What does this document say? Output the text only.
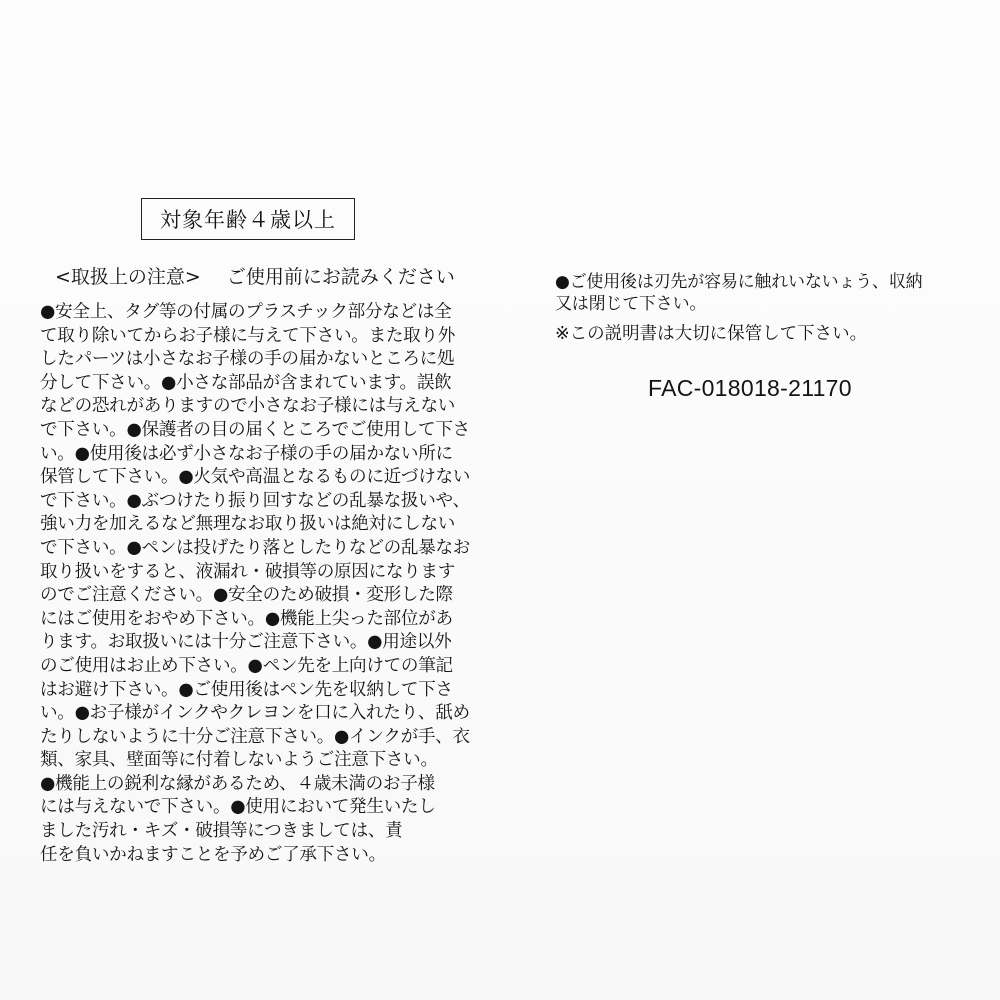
対象年齢４歳以上
<取扱上の注意> ご使用前にお読みください
●安全上、タグ等の付属のプラスチック部分などは全
て取り除いてからお子様に与えて下さい。また取り外
したパーツは小さなお子様の手の届かないところに処
分して下さい。●小さな部品が含まれています。誤飲
などの恐れがありますので小さなお子様には与えない
で下さい。●保護者の目の届くところでご使用して下さ
い。●使用後は必ず小さなお子様の手の届かない所に
保管して下さい。●火気や高温となるものに近づけない
で下さい。●ぶつけたり振り回すなどの乱暴な扱いや、
強い力を加えるなど無理なお取り扱いは絶対にしない
で下さい。●ペンは投げたり落としたりなどの乱暴なお
取り扱いをすると、液漏れ・破損等の原因になります
のでご注意ください。●安全のため破損・変形した際
にはご使用をおやめ下さい。●機能上尖った部位があ
ります。お取扱いには十分ご注意下さい。●用途以外
のご使用はお止め下さい。●ペン先を上向けての筆記
はお避け下さい。●ご使用後はペン先を収納して下さ
い。●お子様がインクやクレヨンを口に入れたり、舐め
たりしないように十分ご注意下さい。●インクが手、衣
類、家具、壁面等に付着しないようご注意下さい。
●機能上の鋭利な縁があるため、４歳未満のお子様
には与えないで下さい。●使用において発生いたし
ました汚れ・キズ・破損等につきましては、責
任を負いかねますことを予めご了承下さい。
●ご使用後は刃先が容易に触れいないょう、収納
又は閉じて下さい。
※この説明書は大切に保管して下さい。
FAC-018018-21170
